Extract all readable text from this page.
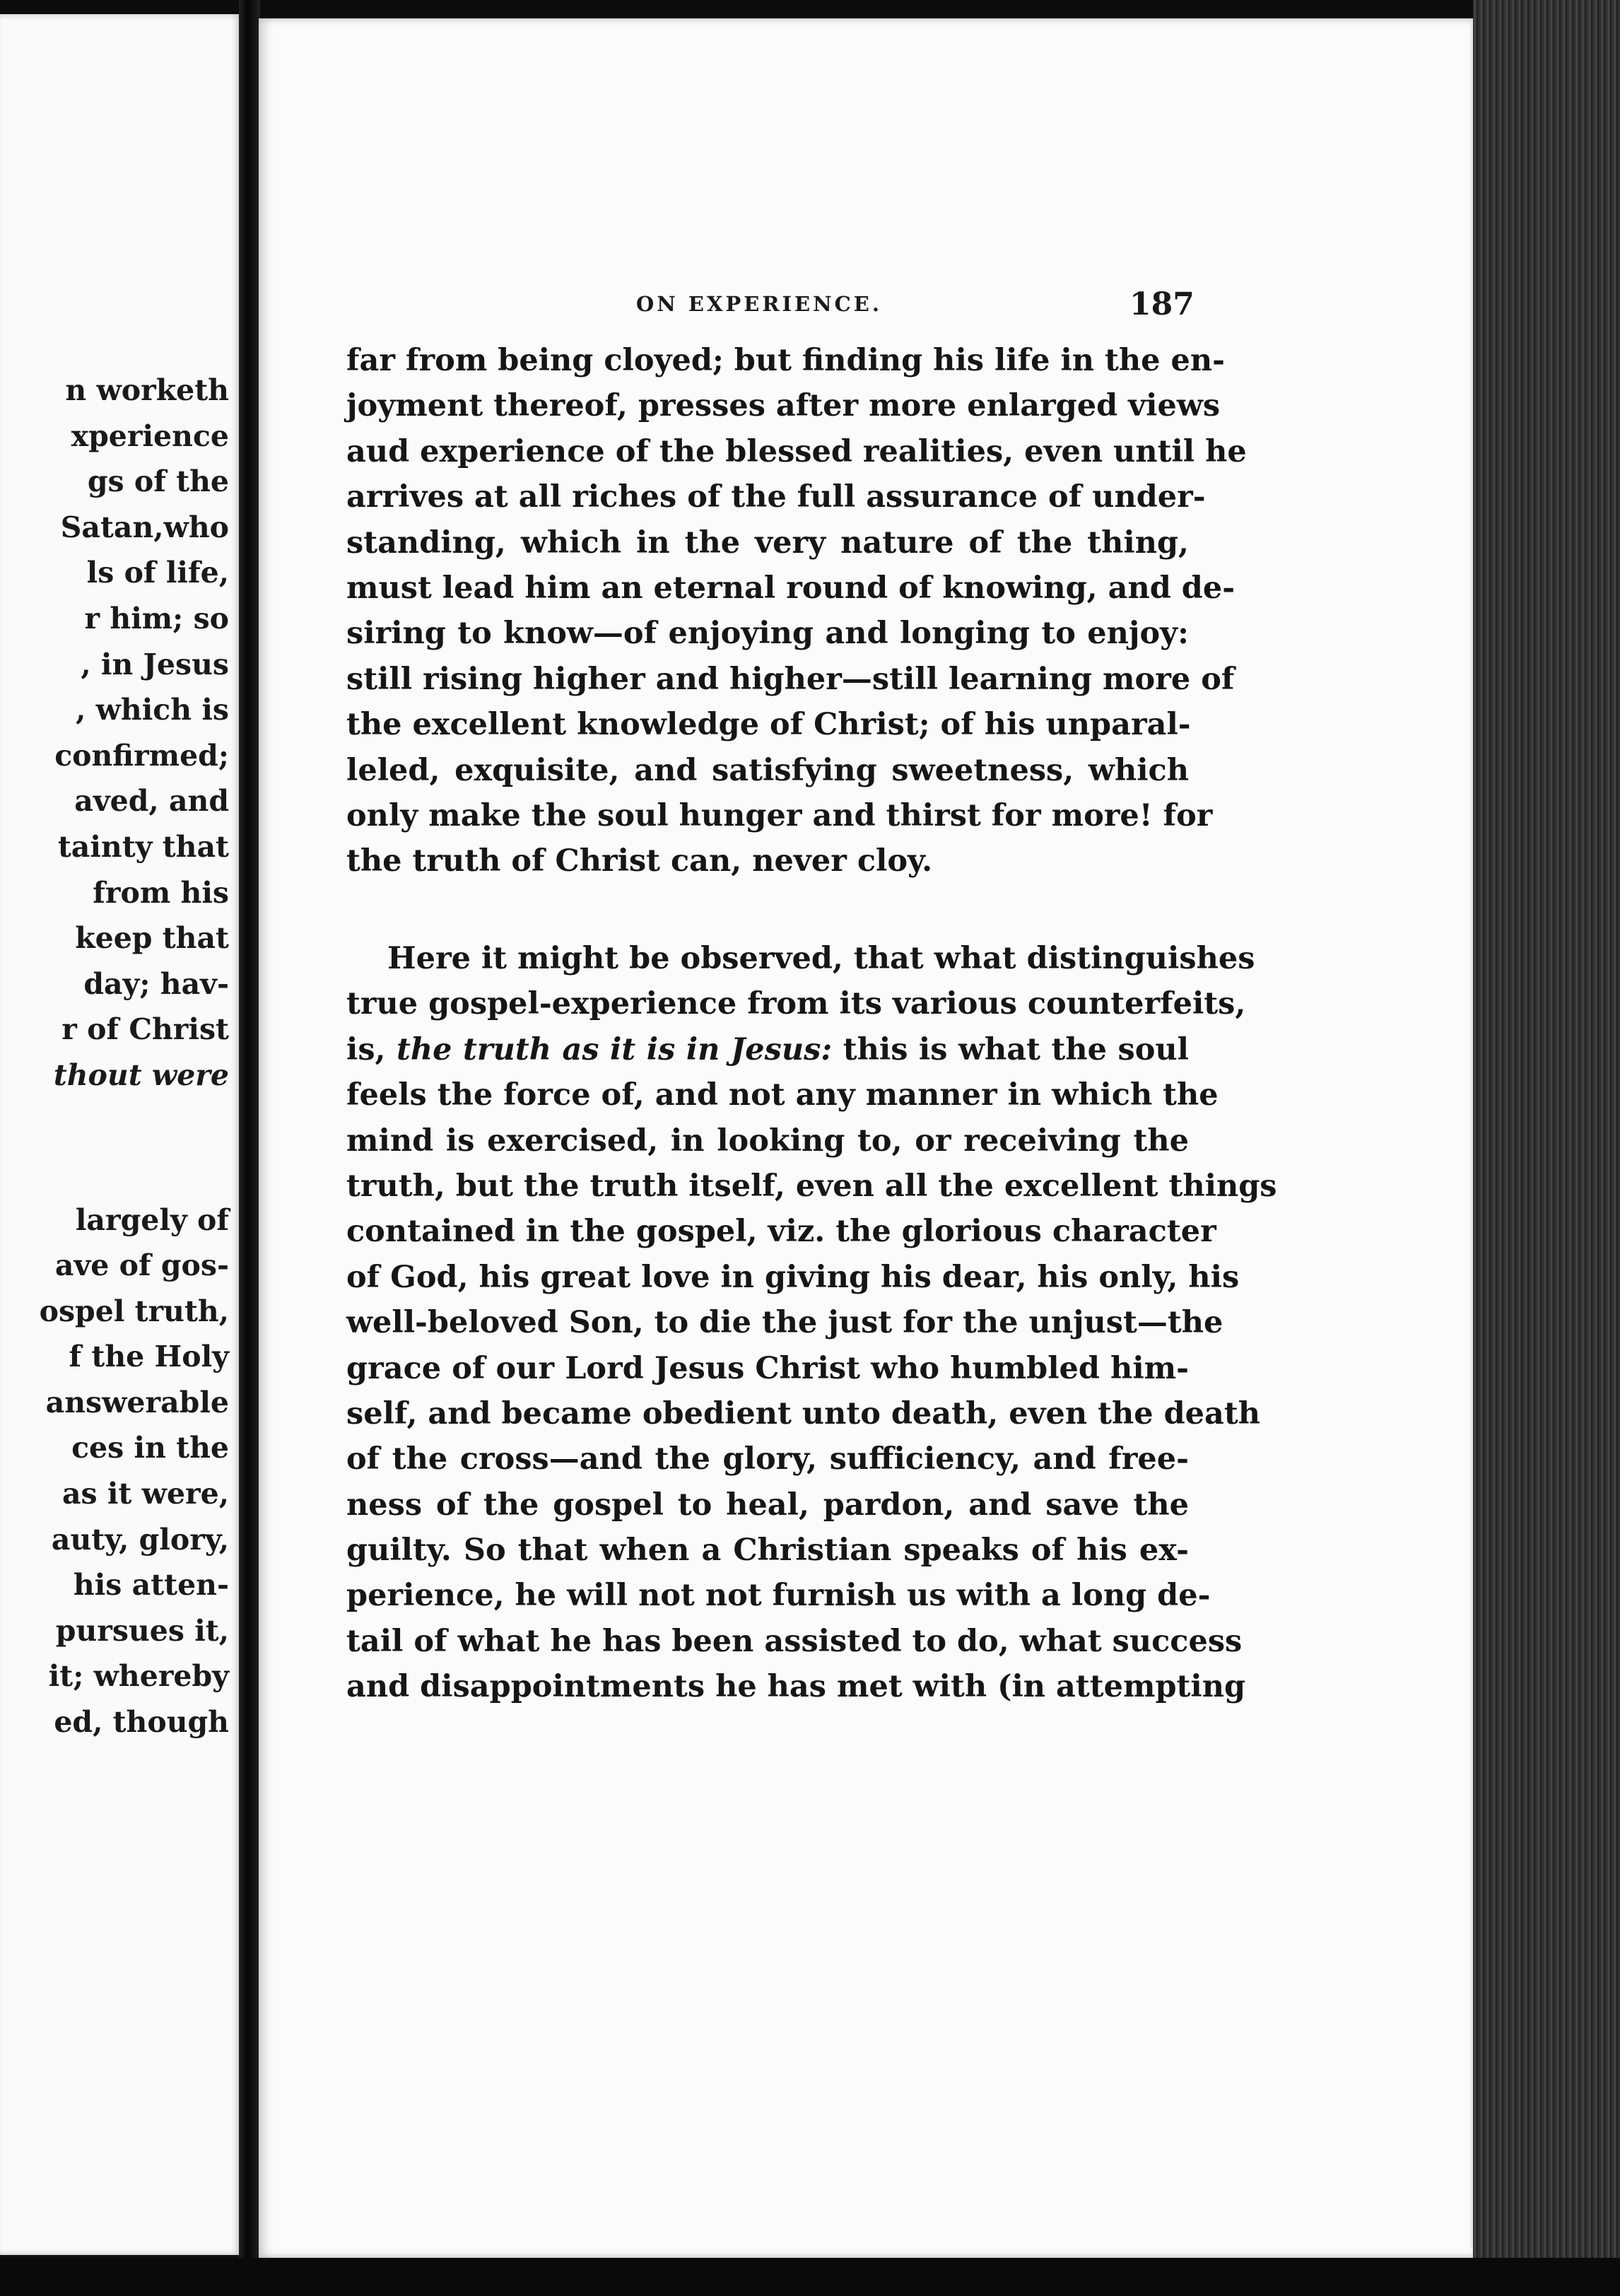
n worketh
xperience
gs of the
Satan,who
ls of life,
r him; so
, in Jesus
, which is
confirmed;
aved, and
tainty that
from his
keep that
day; hav-
r of Christ
thout were
largely of
ave of gos-
ospel truth,
f the Holy
answerable
ces in the
as it were,
auty, glory,
his atten-
pursues it,
it; whereby
ed, though
ON EXPERIENCE.	187
far from being cloyed; but finding his life in the en-
joyment thereof, presses after more enlarged views
aud experience of the blessed realities, even until he
arrives at all riches of the full assurance of under-
standing, which in the very nature of the thing,
must lead him an eternal round of knowing, and de-
siring to know—of enjoying and longing to enjoy:
still rising higher and higher—still learning more of
the excellent knowledge of Christ; of his unparal-
leled, exquisite, and satisfying sweetness, which
only make the soul hunger and thirst for more! for
the truth of Christ can, never cloy.
Here it might be observed, that what distinguishes
true gospel-experience from its various counterfeits,
is, the truth as it is in Jesus: this is what the soul
feels the force of, and not any manner in which the
mind is exercised, in looking to, or receiving the
truth, but the truth itself, even all the excellent things
contained in the gospel, viz. the glorious character
of God, his great love in giving his dear, his only, his
well-beloved Son, to die the just for the unjust—the
grace of our Lord Jesus Christ who humbled him-
self, and became obedient unto death, even the death
of the cross—and the glory, sufficiency, and free-
ness of the gospel to heal, pardon, and save the
guilty. So that when a Christian speaks of his ex-
perience, he will not not furnish us with a long de-
tail of what he has been assisted to do, what success
and disappointments he has met with (in attempting
